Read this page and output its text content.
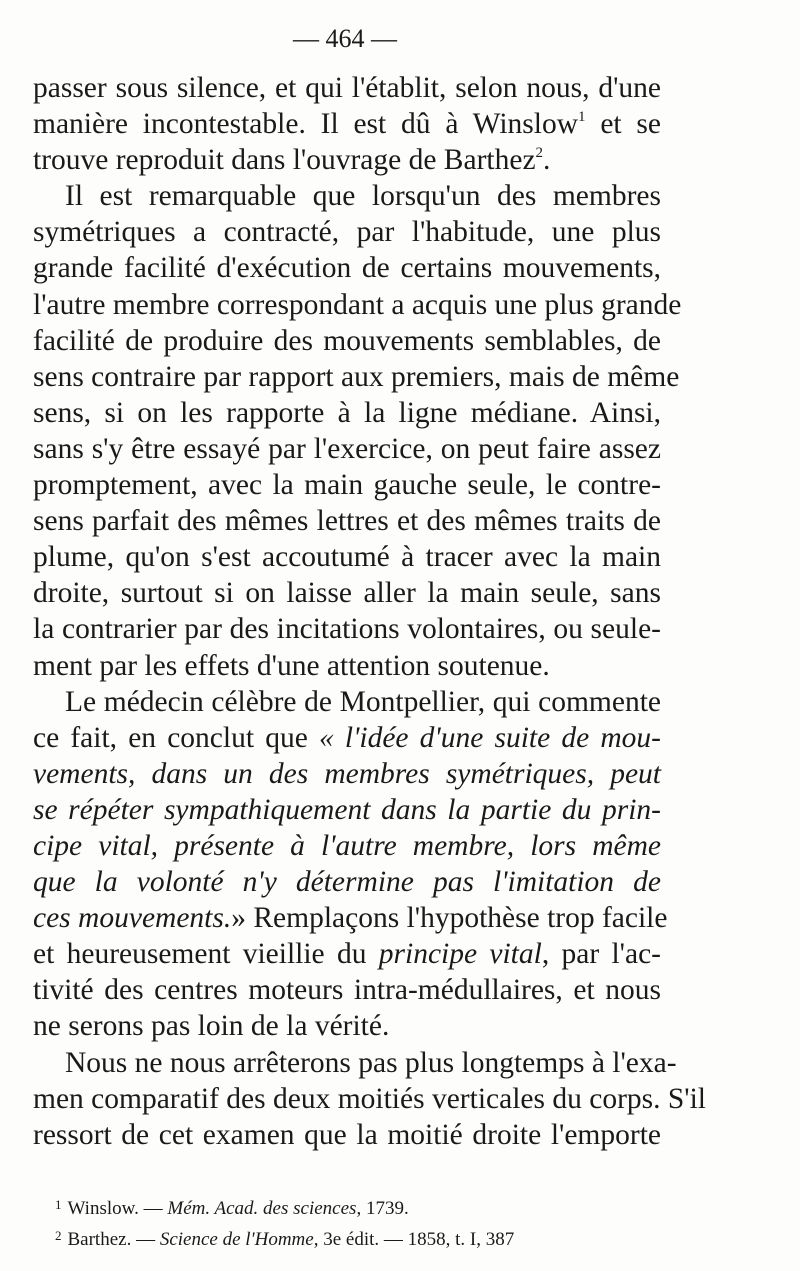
— 464 —
passer sous silence, et qui l'établit, selon nous, d'une
manière incontestable. Il est dû à Winslow$^1$ et se
trouve reproduit dans l'ouvrage de Barthez$^2$.
Il est remarquable que lorsqu'un des membres
symétriques a contracté, par l'habitude, une plus
grande facilité d'exécution de certains mouvements,
l'autre membre correspondant a acquis une plus grande
facilité de produire des mouvements semblables, de
sens contraire par rapport aux premiers, mais de même
sens, si on les rapporte à la ligne médiane. Ainsi,
sans s'y être essayé par l'exercice, on peut faire assez
promptement, avec la main gauche seule, le contre-
sens parfait des mêmes lettres et des mêmes traits de
plume, qu'on s'est accoutumé à tracer avec la main
droite, surtout si on laisse aller la main seule, sans
la contrarier par des incitations volontaires, ou seule-
ment par les effets d'une attention soutenue.
Le médecin célèbre de Montpellier, qui commente
ce fait, en conclut que « l'idée d'une suite de mou-
vements, dans un des membres symétriques, peut
se répéter sympathiquement dans la partie du prin-
cipe vital, présente à l'autre membre, lors même
que la volonté n'y détermine pas l'imitation de
ces mouvements.» Remplaçons l'hypothèse trop facile
et heureusement vieillie du principe vital, par l'ac-
tivité des centres moteurs intra-médullaires, et nous
ne serons pas loin de la vérité.
Nous ne nous arrêterons pas plus longtemps à l'exa-
men comparatif des deux moitiés verticales du corps. S'il
ressort de cet examen que la moitié droite l'emporte
$^1$ Winslow. — Mém. Acad. des sciences, 1739.
$^2$ Barthez. — Science de l'Homme, 3e édit. — 1858, t. I, 387
